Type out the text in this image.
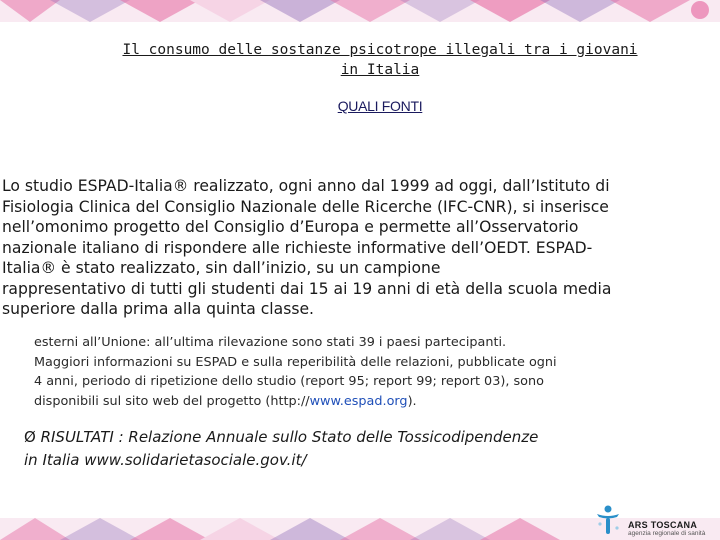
Il consumo delle sostanze psicotrope illegali tra i giovani
in Italia
QUALI FONTI
Lo studio ESPAD-Italia® realizzato, ogni anno dal 1999 ad oggi, dall’Istituto di
Fisiologia Clinica del Consiglio Nazionale delle Ricerche (IFC-CNR), si inserisce
nell’omonimo progetto del Consiglio d’Europa e permette all’Osservatorio
nazionale italiano di rispondere alle richieste informative dell’OEDT. ESPAD-
Italia® è stato realizzato, sin dall’inizio, su un campione
rappresentativo di tutti gli studenti dai 15 ai 19 anni di età della scuola media
superiore dalla prima alla quinta classe.
esterni all’Unione: all’ultima rilevazione sono stati 39 i paesi partecipanti.
Maggiori informazioni su ESPAD e sulla reperibilità delle relazioni, pubblicate ogni
4 anni, periodo di ripetizione dello studio (report 95; report 99; report 03), sono
disponibili sul sito web del progetto (http://www.espad.org).
Ø RISULTATI : Relazione Annuale sullo Stato delle Tossicodipendenze
in Italia www.solidarietasociale.gov.it/
ARS TOSCANA
agenzia regionale di sanità
